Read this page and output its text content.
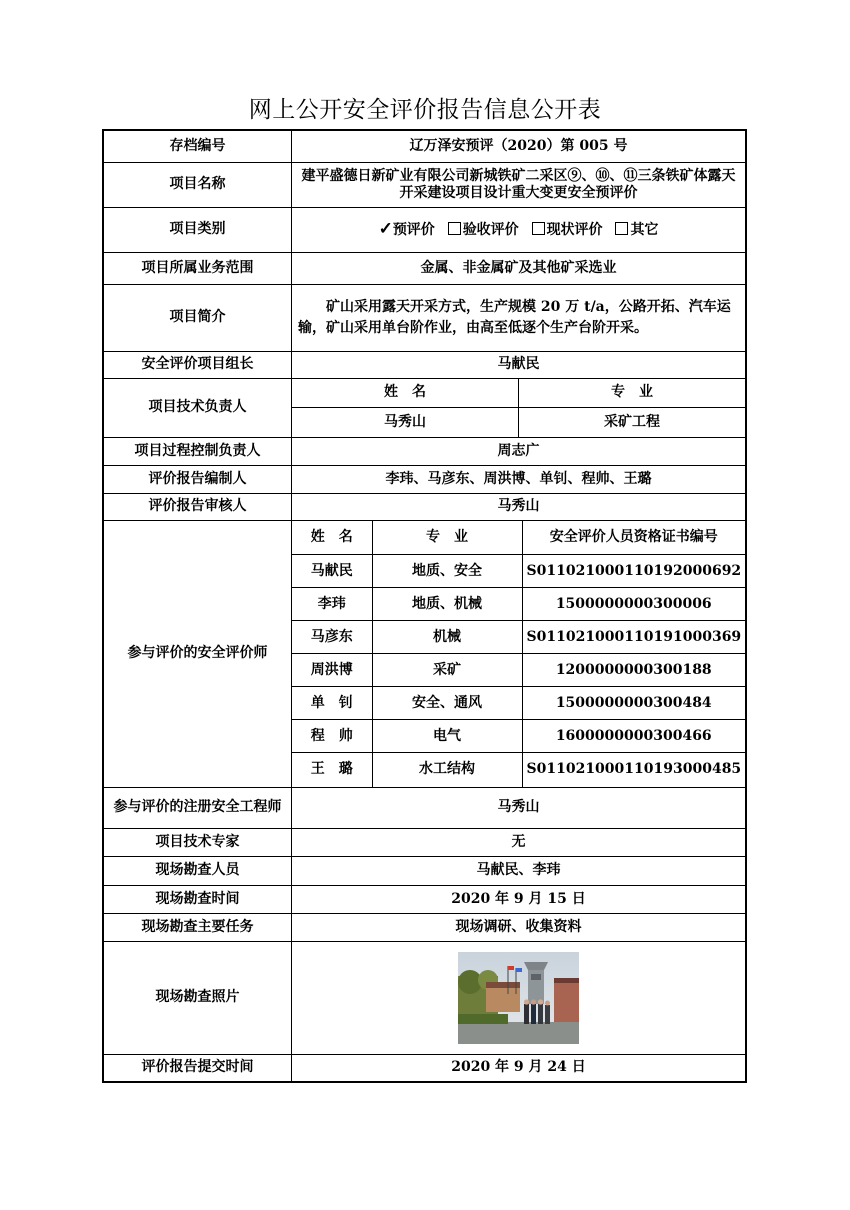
网上公开安全评价报告信息公开表
存档编号	辽万泽安预评（2020）第 005 号
项目名称	建平盛德日新矿业有限公司新城铁矿二采区⑨、⑩、⑪三条铁矿体露天开采建设项目设计重大变更安全预评价
项目类别	✓预评价 验收评价 现状评价 其它
项目所属业务范围	金属、非金属矿及其他矿采选业
项目简介	矿山采用露天开采方式，生产规模 20 万 t/a，公路开拓、汽车运输，矿山采用单台阶作业，由高至低逐个生产台阶开采。
安全评价项目组长	马献民
项目技术负责人	
姓　名	专　业
马秀山	采矿工程

项目过程控制负责人	周志广
评价报告编制人	李玮、马彦东、周洪博、单钊、程帅、王璐
评价报告审核人	马秀山
参与评价的安全评价师	
姓　名	专　业	安全评价人员资格证书编号
马献民	地质、安全	S011021000110192000692
李玮	地质、机械	1500000000300006
马彦东	机械	S011021000110191000369
周洪博	采矿	1200000000300188
单　钊	安全、通风	1500000000300484
程　帅	电气	1600000000300466
王　璐	水工结构	S011021000110193000485

参与评价的注册安全工程师	马秀山
项目技术专家	无
现场勘查人员	马献民、李玮
现场勘查时间	2020 年 9 月 15 日
现场勘查主要任务	现场调研、收集资料
现场勘查照片	

评价报告提交时间	2020 年 9 月 24 日
